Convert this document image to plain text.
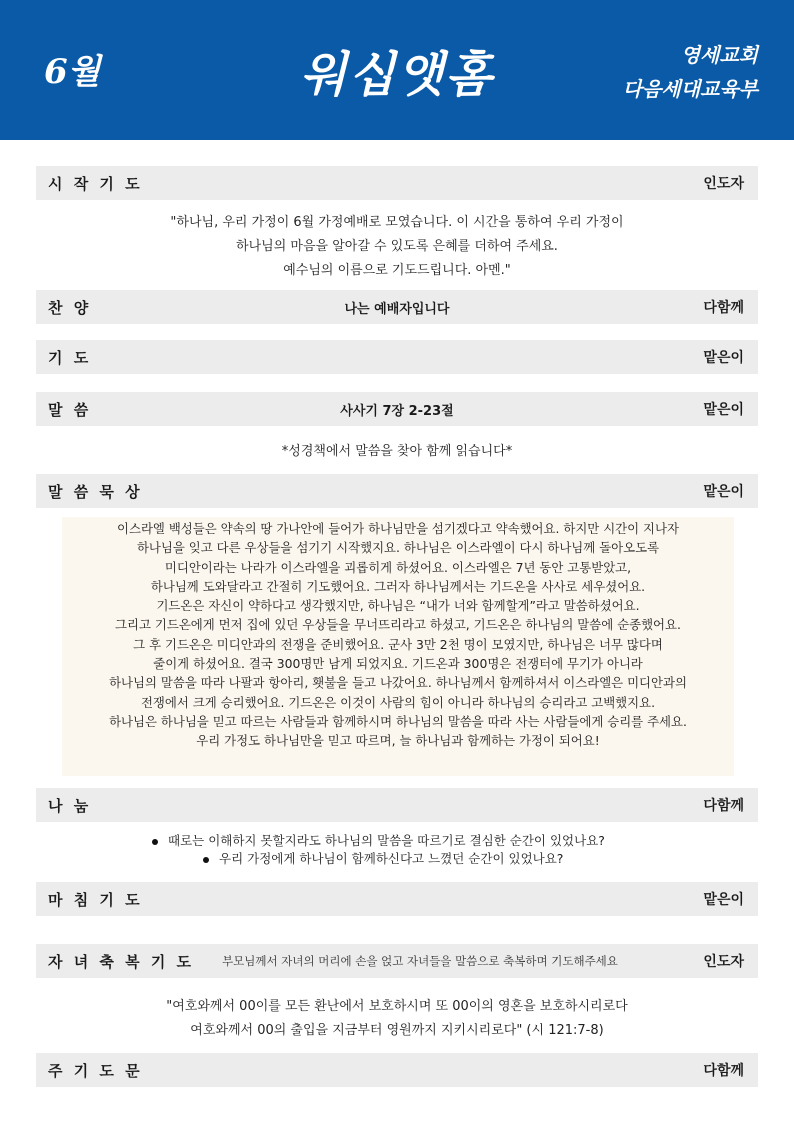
6월	워십앳홈	영세교회
다음세대교육부
시 작 기 도	인도자

"하나님, 우리 가정이 6월 가정예배로 모였습니다. 이 시간을 통하여 우리 가정이

하나님의 마음을 알아갈 수 있도록 은혜를 더하여 주세요.

예수님의 이름으로 기도드립니다. 아멘."

찬 양	나는 예배자입니다	다함께
기 도	맡은이
말 씀	사사기 7장 2-23절	맡은이

*성경책에서 말씀을 찾아 함께 읽습니다*

말 씀 묵 상	맡은이

이스라엘 백성들은 약속의 땅 가나안에 들어가 하나님만을 섬기겠다고 약속했어요. 하지만 시간이 지나자

하나님을 잊고 다른 우상들을 섬기기 시작했지요. 하나님은 이스라엘이 다시 하나님께 돌아오도록

미디안이라는 나라가 이스라엘을 괴롭히게 하셨어요. 이스라엘은 7년 동안 고통받았고,

하나님께 도와달라고 간절히 기도했어요. 그러자 하나님께서는 기드온을 사사로 세우셨어요.

기드온은 자신이 약하다고 생각했지만, 하나님은 “내가 너와 함께할게”라고 말씀하셨어요.

그리고 기드온에게 먼저 집에 있던 우상들을 무너뜨리라고 하셨고, 기드온은 하나님의 말씀에 순종했어요.

그 후 기드온은 미디안과의 전쟁을 준비했어요. 군사 3만 2천 명이 모였지만, 하나님은 너무 많다며

줄이게 하셨어요. 결국 300명만 남게 되었지요. 기드온과 300명은 전쟁터에 무기가 아니라

하나님의 말씀을 따라 나팔과 항아리, 횃불을 들고 나갔어요. 하나님께서 함께하셔서 이스라엘은 미디안과의

전쟁에서 크게 승리했어요. 기드온은 이것이 사람의 힘이 아니라 하나님의 승리라고 고백했지요.

하나님은 하나님을 믿고 따르는 사람들과 함께하시며 하나님의 말씀을 따라 사는 사람들에게 승리를 주세요.

우리 가정도 하나님만을 믿고 따르며, 늘 하나님과 함께하는 가정이 되어요!

나 눔	다함께
때로는 이해하지 못할지라도 하나님의 말씀을 따르기로 결심한 순간이 있었나요?
우리 가정에게 하나님이 함께하신다고 느꼈던 순간이 있었나요?
마 침 기 도	맡은이
자 녀 축 복 기 도 부모님께서 자녀의 머리에 손을 얹고 자녀들을 말씀으로 축복하며 기도해주세요	인도자

"여호와께서 00이를 모든 환난에서 보호하시며 또 00이의 영혼을 보호하시리로다

여호와께서 00의 출입을 지금부터 영원까지 지키시리로다" (시 121:7-8)

주 기 도 문	다함께
